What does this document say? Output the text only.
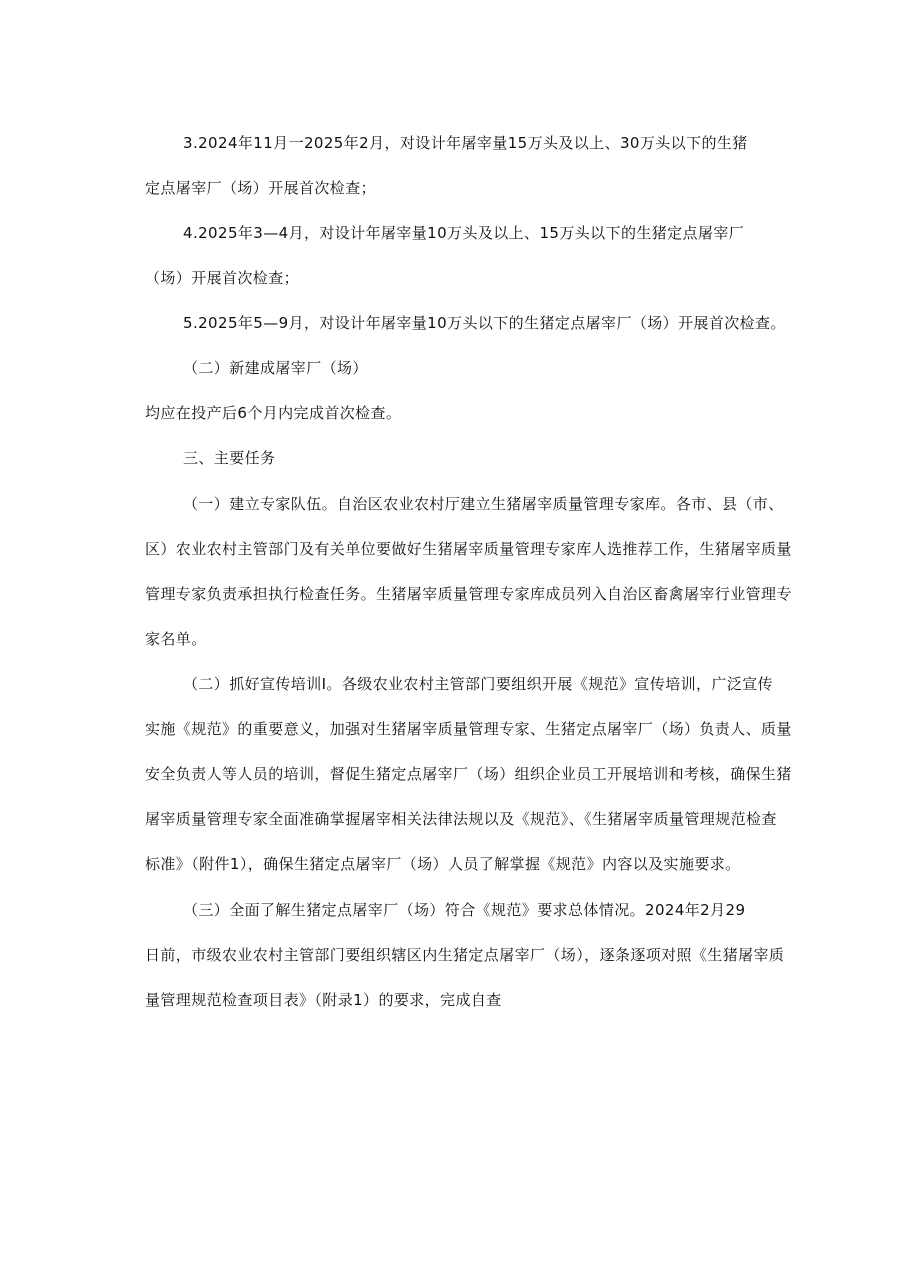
3.2024年11月一2025年2月，对设计年屠宰量15万头及以上、30万头以下的生猪
定点屠宰厂（场）开展首次检查；
4.2025年3—4月，对设计年屠宰量10万头及以上、15万头以下的生猪定点屠宰厂
（场）开展首次检查；
5.2025年5—9月，对设计年屠宰量10万头以下的生猪定点屠宰厂（场）开展首次检查。
（二）新建成屠宰厂（场）
均应在投产后6个月内完成首次检查。
三、主要任务
（一）建立专家队伍。自治区农业农村厅建立生猪屠宰质量管理专家库。各市、县（市、
区）农业农村主管部门及有关单位要做好生猪屠宰质量管理专家库人选推荐工作，生猪屠宰质量
管理专家负责承担执行检查任务。生猪屠宰质量管理专家库成员列入自治区畜禽屠宰行业管理专
家名单。
（二）抓好宣传培训I。各级农业农村主管部门要组织开展《规范》宣传培训，广泛宣传
实施《规范》的重要意义，加强对生猪屠宰质量管理专家、生猪定点屠宰厂（场）负责人、质量
安全负责人等人员的培训，督促生猪定点屠宰厂（场）组织企业员工开展培训和考核，确保生猪
屠宰质量管理专家全面准确掌握屠宰相关法律法规以及《规范》、《生猪屠宰质量管理规范检查
标准》（附件1），确保生猪定点屠宰厂（场）人员了解掌握《规范》内容以及实施要求。
（三）全面了解生猪定点屠宰厂（场）符合《规范》要求总体情况。2024年2月29
日前，市级农业农村主管部门要组织辖区内生猪定点屠宰厂（场），逐条逐项对照《生猪屠宰质
量管理规范检查项目表》（附录1）的要求，完成自查
